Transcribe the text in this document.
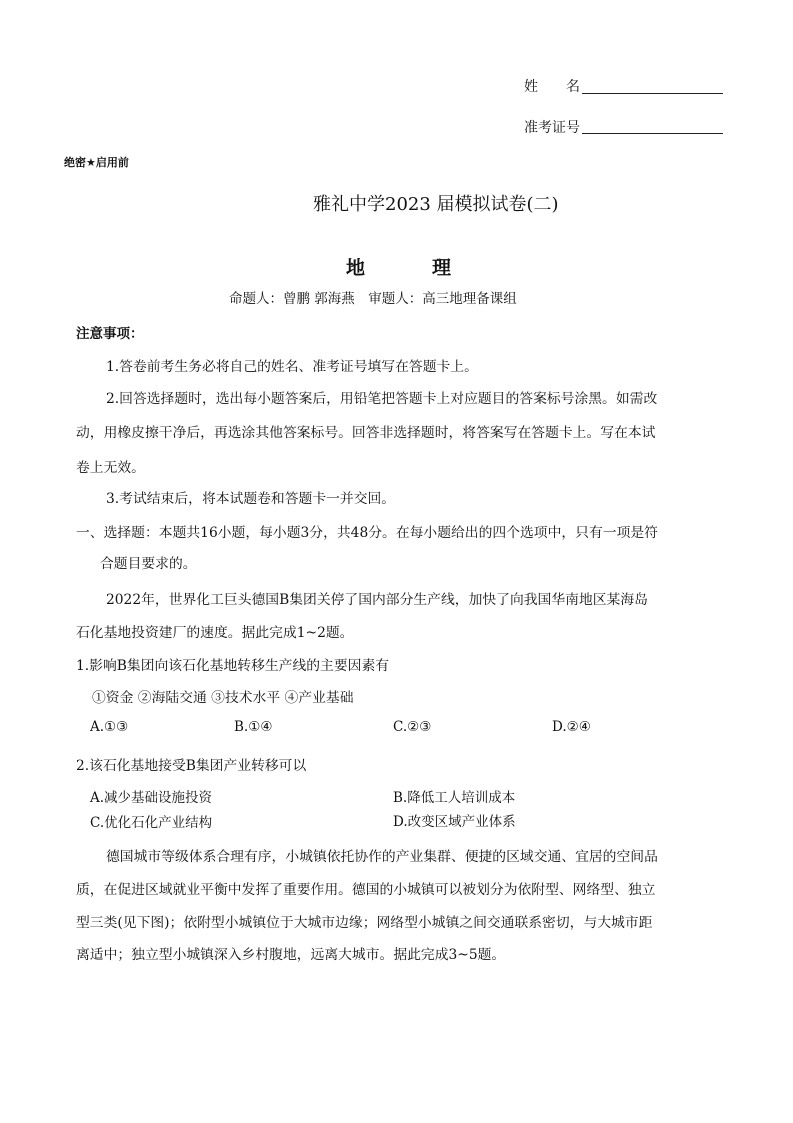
姓　　名
准考证号
绝密★启用前
雅礼中学2023 届模拟试卷(二)
地	理
命题人：曾鹏 郭海燕　审题人：高三地理备课组
注意事项：
1.答卷前考生务必将自己的姓名、准考证号填写在答题卡上。
2.回答选择题时，选出每小题答案后，用铅笔把答题卡上对应题目的答案标号涂黑。如需改
动，用橡皮擦干净后，再选涂其他答案标号。回答非选择题时，将答案写在答题卡上。写在本试
卷上无效。
3.考试结束后，将本试题卷和答题卡一并交回。
一、选择题：本题共16小题，每小题3分，共48分。在每小题给出的四个选项中，只有一项是符
合题目要求的。
2022年，世界化工巨头德国B集团关停了国内部分生产线，加快了向我国华南地区某海岛
石化基地投资建厂的速度。据此完成1~2题。
1.影响B集团向该石化基地转移生产线的主要因素有
①资金 ②海陆交通 ③技术水平 ④产业基础
A.①③	B.①④	C.②③	D.②④
2.该石化基地接受B集团产业转移可以
A.减少基础设施投资	B.降低工人培训成本
C.优化石化产业结构	D.改变区域产业体系
德国城市等级体系合理有序，小城镇依托协作的产业集群、便捷的区域交通、宜居的空间品
质，在促进区域就业平衡中发挥了重要作用。德国的小城镇可以被划分为依附型、网络型、独立
型三类(见下图)；依附型小城镇位于大城市边缘；网络型小城镇之间交通联系密切，与大城市距
离适中；独立型小城镇深入乡村腹地，远离大城市。据此完成3~5题。
